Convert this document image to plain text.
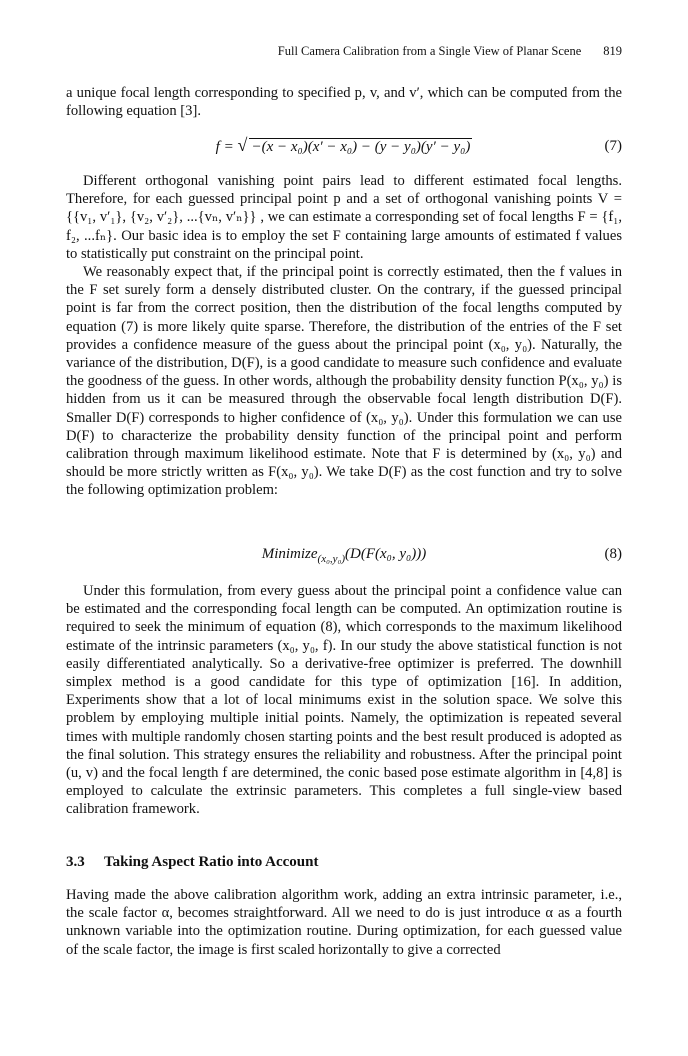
Full Camera Calibration from a Single View of Planar Scene 819

a unique focal length corresponding to specified p, v, and v′, which can be computed from the following equation [3].

f = √ −(x − x₀)(x′ − x₀) − (y − y₀)(y′ − y₀)	(7)

Different orthogonal vanishing point pairs lead to different estimated focal lengths. Therefore, for each guessed principal point p and a set of orthogonal vanishing points V = {{v₁, v′₁}, {v₂, v′₂}, ...{vₙ, v′ₙ}} , we can estimate a corresponding set of focal lengths F = {f₁, f₂, ...fₙ}. Our basic idea is to employ the set F containing large amounts of estimated f values to statistically put constraint on the principal point.

We reasonably expect that, if the principal point is correctly estimated, then the f values in the F set surely form a densely distributed cluster. On the contrary, if the guessed principal point is far from the correct position, then the distribution of the focal lengths computed by equation (7) is more likely quite sparse. Therefore, the distribution of the entries of the F set provides a confidence measure of the guess about the principal point (x₀, y₀). Naturally, the variance of the distribution, D(F), is a good candidate to measure such confidence and evaluate the goodness of the guess. In other words, although the probability density function P(x₀, y₀) is hidden from us it can be measured through the observable focal length distribution D(F). Smaller D(F) corresponds to higher confidence of (x₀, y₀). Under this formulation we can use D(F) to characterize the probability density function of the principal point and perform calibration through maximum likelihood estimate. Note that F is determined by (x₀, y₀) and should be more strictly written as F(x₀, y₀). We take D(F) as the cost function and try to solve the following optimization problem:

Minimize$_{(x_0,y_0)}$(D(F(x₀, y₀)))	(8)

Under this formulation, from every guess about the principal point a confidence value can be estimated and the corresponding focal length can be computed. An optimization routine is required to seek the minimum of equation (8), which corresponds to the maximum likelihood estimate of the intrinsic parameters (x₀, y₀, f). In our study the above statistical function is not easily differentiated analytically. So a derivative-free optimizer is preferred. The downhill simplex method is a good candidate for this type of optimization [16]. In addition, Experiments show that a lot of local minimums exist in the solution space. We solve this problem by employing multiple initial points. Namely, the optimization is repeated several times with multiple randomly chosen starting points and the best result produced is adopted as the final solution. This strategy ensures the reliability and robustness. After the principal point (u, v) and the focal length f are determined, the conic based pose estimate algorithm in [4,8] is employed to calculate the extrinsic parameters. This completes a full single-view based calibration framework.

3.3 Taking Aspect Ratio into Account

Having made the above calibration algorithm work, adding an extra intrinsic parameter, i.e., the scale factor α, becomes straightforward. All we need to do is just introduce α as a fourth unknown variable into the optimization routine. During optimization, for each guessed value of the scale factor, the image is first scaled horizontally to give a corrected
